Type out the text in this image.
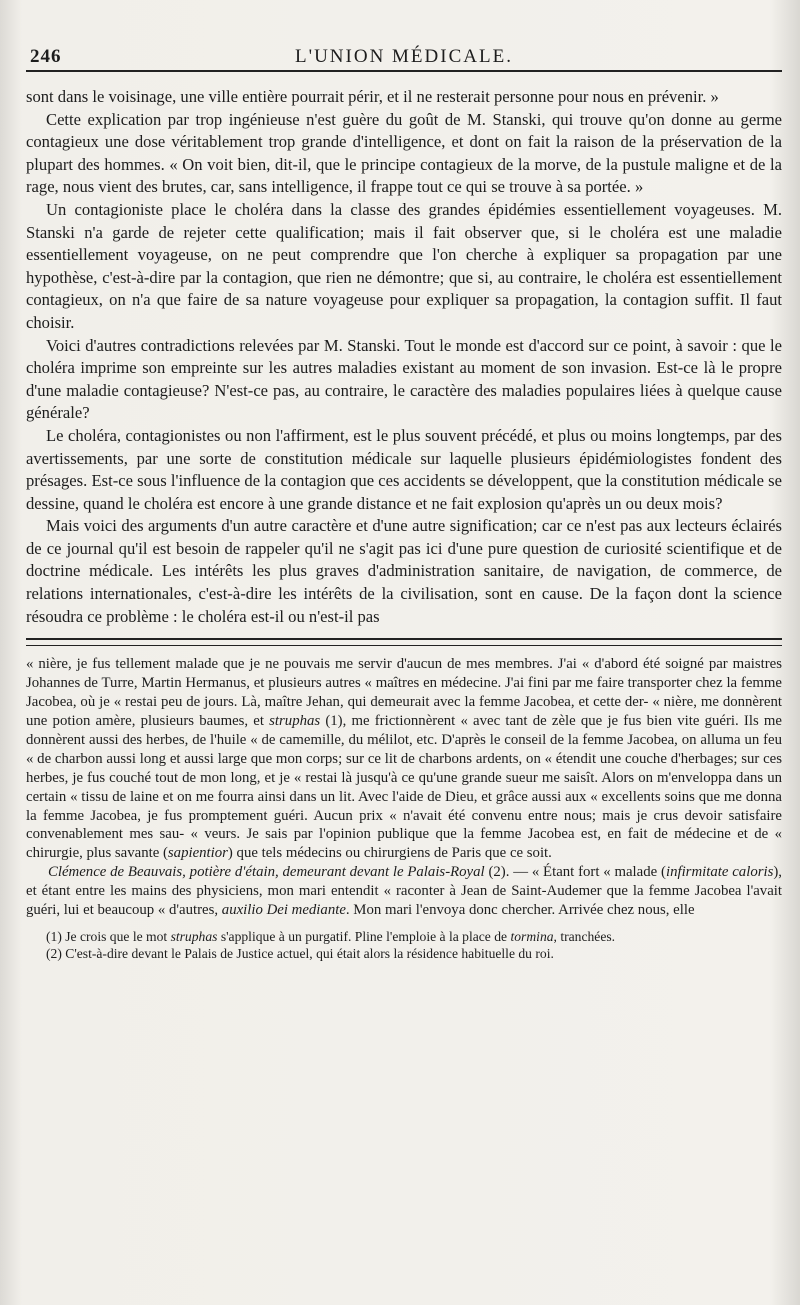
246	L'UNION MÉDICALE.

sont dans le voisinage, une ville entière pourrait périr, et il ne resterait personne pour nous en prévenir. »

Cette explication par trop ingénieuse n'est guère du goût de M. Stanski, qui trouve qu'on donne au germe contagieux une dose véritablement trop grande d'intelligence, et dont on fait la raison de la préservation de la plupart des hommes. « On voit bien, dit-il, que le principe contagieux de la morve, de la pustule maligne et de la rage, nous vient des brutes, car, sans intelligence, il frappe tout ce qui se trouve à sa portée. »

Un contagioniste place le choléra dans la classe des grandes épidémies essentiellement voyageuses. M. Stanski n'a garde de rejeter cette qualification; mais il fait observer que, si le choléra est une maladie essentiellement voyageuse, on ne peut comprendre que l'on cherche à expliquer sa propagation par une hypothèse, c'est-à-dire par la contagion, que rien ne démontre; que si, au contraire, le choléra est essentiellement contagieux, on n'a que faire de sa nature voyageuse pour expliquer sa propagation, la contagion suffit. Il faut choisir.

Voici d'autres contradictions relevées par M. Stanski. Tout le monde est d'accord sur ce point, à savoir : que le choléra imprime son empreinte sur les autres maladies existant au moment de son invasion. Est-ce là le propre d'une maladie contagieuse? N'est-ce pas, au contraire, le caractère des maladies populaires liées à quelque cause générale?

Le choléra, contagionistes ou non l'affirment, est le plus souvent précédé, et plus ou moins longtemps, par des avertissements, par une sorte de constitution médicale sur laquelle plusieurs épidémiologistes fondent des présages. Est-ce sous l'influence de la contagion que ces accidents se développent, que la constitution médicale se dessine, quand le choléra est encore à une grande distance et ne fait explosion qu'après un ou deux mois?

Mais voici des arguments d'un autre caractère et d'une autre signification; car ce n'est pas aux lecteurs éclairés de ce journal qu'il est besoin de rappeler qu'il ne s'agit pas ici d'une pure question de curiosité scientifique et de doctrine médicale. Les intérêts les plus graves d'administration sanitaire, de navigation, de commerce, de relations internationales, c'est-à-dire les intérêts de la civilisation, sont en cause. De la façon dont la science résoudra ce problème : le choléra est-il ou n'est-il pas

« nière, je fus tellement malade que je ne pouvais me servir d'aucun de mes membres. J'ai « d'abord été soigné par maistres Johannes de Turre, Martin Hermanus, et plusieurs autres « maîtres en médecine. J'ai fini par me faire transporter chez la femme Jacobea, où je « restai peu de jours. Là, maître Jehan, qui demeurait avec la femme Jacobea, et cette der- « nière, me donnèrent une potion amère, plusieurs baumes, et struphas (1), me frictionnèrent « avec tant de zèle que je fus bien vite guéri. Ils me donnèrent aussi des herbes, de l'huile « de camemille, du mélilot, etc. D'après le conseil de la femme Jacobea, on alluma un feu « de charbon aussi long et aussi large que mon corps; sur ce lit de charbons ardents, on « étendit une couche d'herbages; sur ces herbes, je fus couché tout de mon long, et je « restai là jusqu'à ce qu'une grande sueur me saisît. Alors on m'enveloppa dans un certain « tissu de laine et on me fourra ainsi dans un lit. Avec l'aide de Dieu, et grâce aussi aux « excellents soins que me donna la femme Jacobea, je fus promptement guéri. Aucun prix « n'avait été convenu entre nous; mais je crus devoir satisfaire convenablement mes sau- « veurs. Je sais par l'opinion publique que la femme Jacobea est, en fait de médecine et de « chirurgie, plus savante (sapientior) que tels médecins ou chirurgiens de Paris que ce soit.

Clémence de Beauvais, potière d'étain, demeurant devant le Palais-Royal (2). — « Étant fort « malade (infirmitate caloris), et étant entre les mains des physiciens, mon mari entendit « raconter à Jean de Saint-Audemer que la femme Jacobea l'avait guéri, lui et beaucoup « d'autres, auxilio Dei mediante. Mon mari l'envoya donc chercher. Arrivée chez nous, elle

(1) Je crois que le mot struphas s'applique à un purgatif. Pline l'emploie à la place de tormina, tranchées.

(2) C'est-à-dire devant le Palais de Justice actuel, qui était alors la résidence habituelle du roi.
